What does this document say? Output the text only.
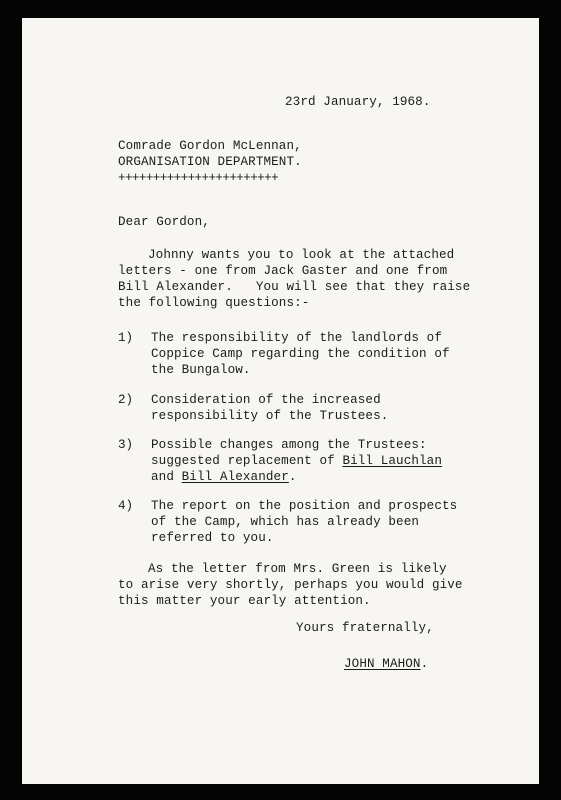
23rd January, 1968.

Comrade Gordon McLennan,

ORGANISATION DEPARTMENT.

+++++++++++++++++++++++

Dear Gordon,

Johnny wants you to look at the attached

letters - one from Jack Gaster and one from

Bill Alexander.   You will see that they raise

the following questions:-

1) The responsibility of the landlords of

Coppice Camp regarding the condition of

the Bungalow.

2) Consideration of the increased

responsibility of the Trustees.

3) Possible changes among the Trustees:

suggested replacement of Bill Lauchlan

and Bill Alexander.

4) The report on the position and prospects

of the Camp, which has already been

referred to you.

As the letter from Mrs. Green is likely

to arise very shortly, perhaps you would give

this matter your early attention.

Yours fraternally,

JOHN MAHON.
